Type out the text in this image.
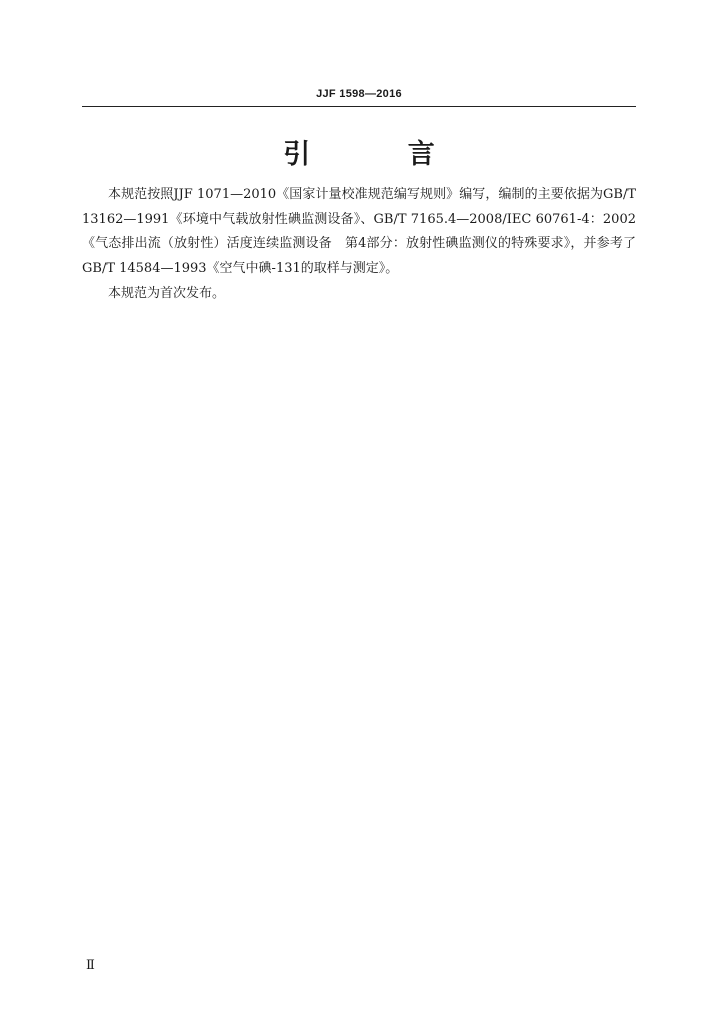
JJF 1598—2016
引 言

本规范按照JJF 1071—2010《国家计量校准规范编写规则》编写，编制的主要依据为GB/T 13162—1991《环境中气载放射性碘监测设备》、GB/T 7165.4—2008/IEC 60761-4：2002《气态排出流（放射性）活度连续监测设备　第4部分：放射性碘监测仪的特殊要求》，并参考了GB/T 14584—1993《空气中碘-131的取样与测定》。

本规范为首次发布。

Ⅱ
